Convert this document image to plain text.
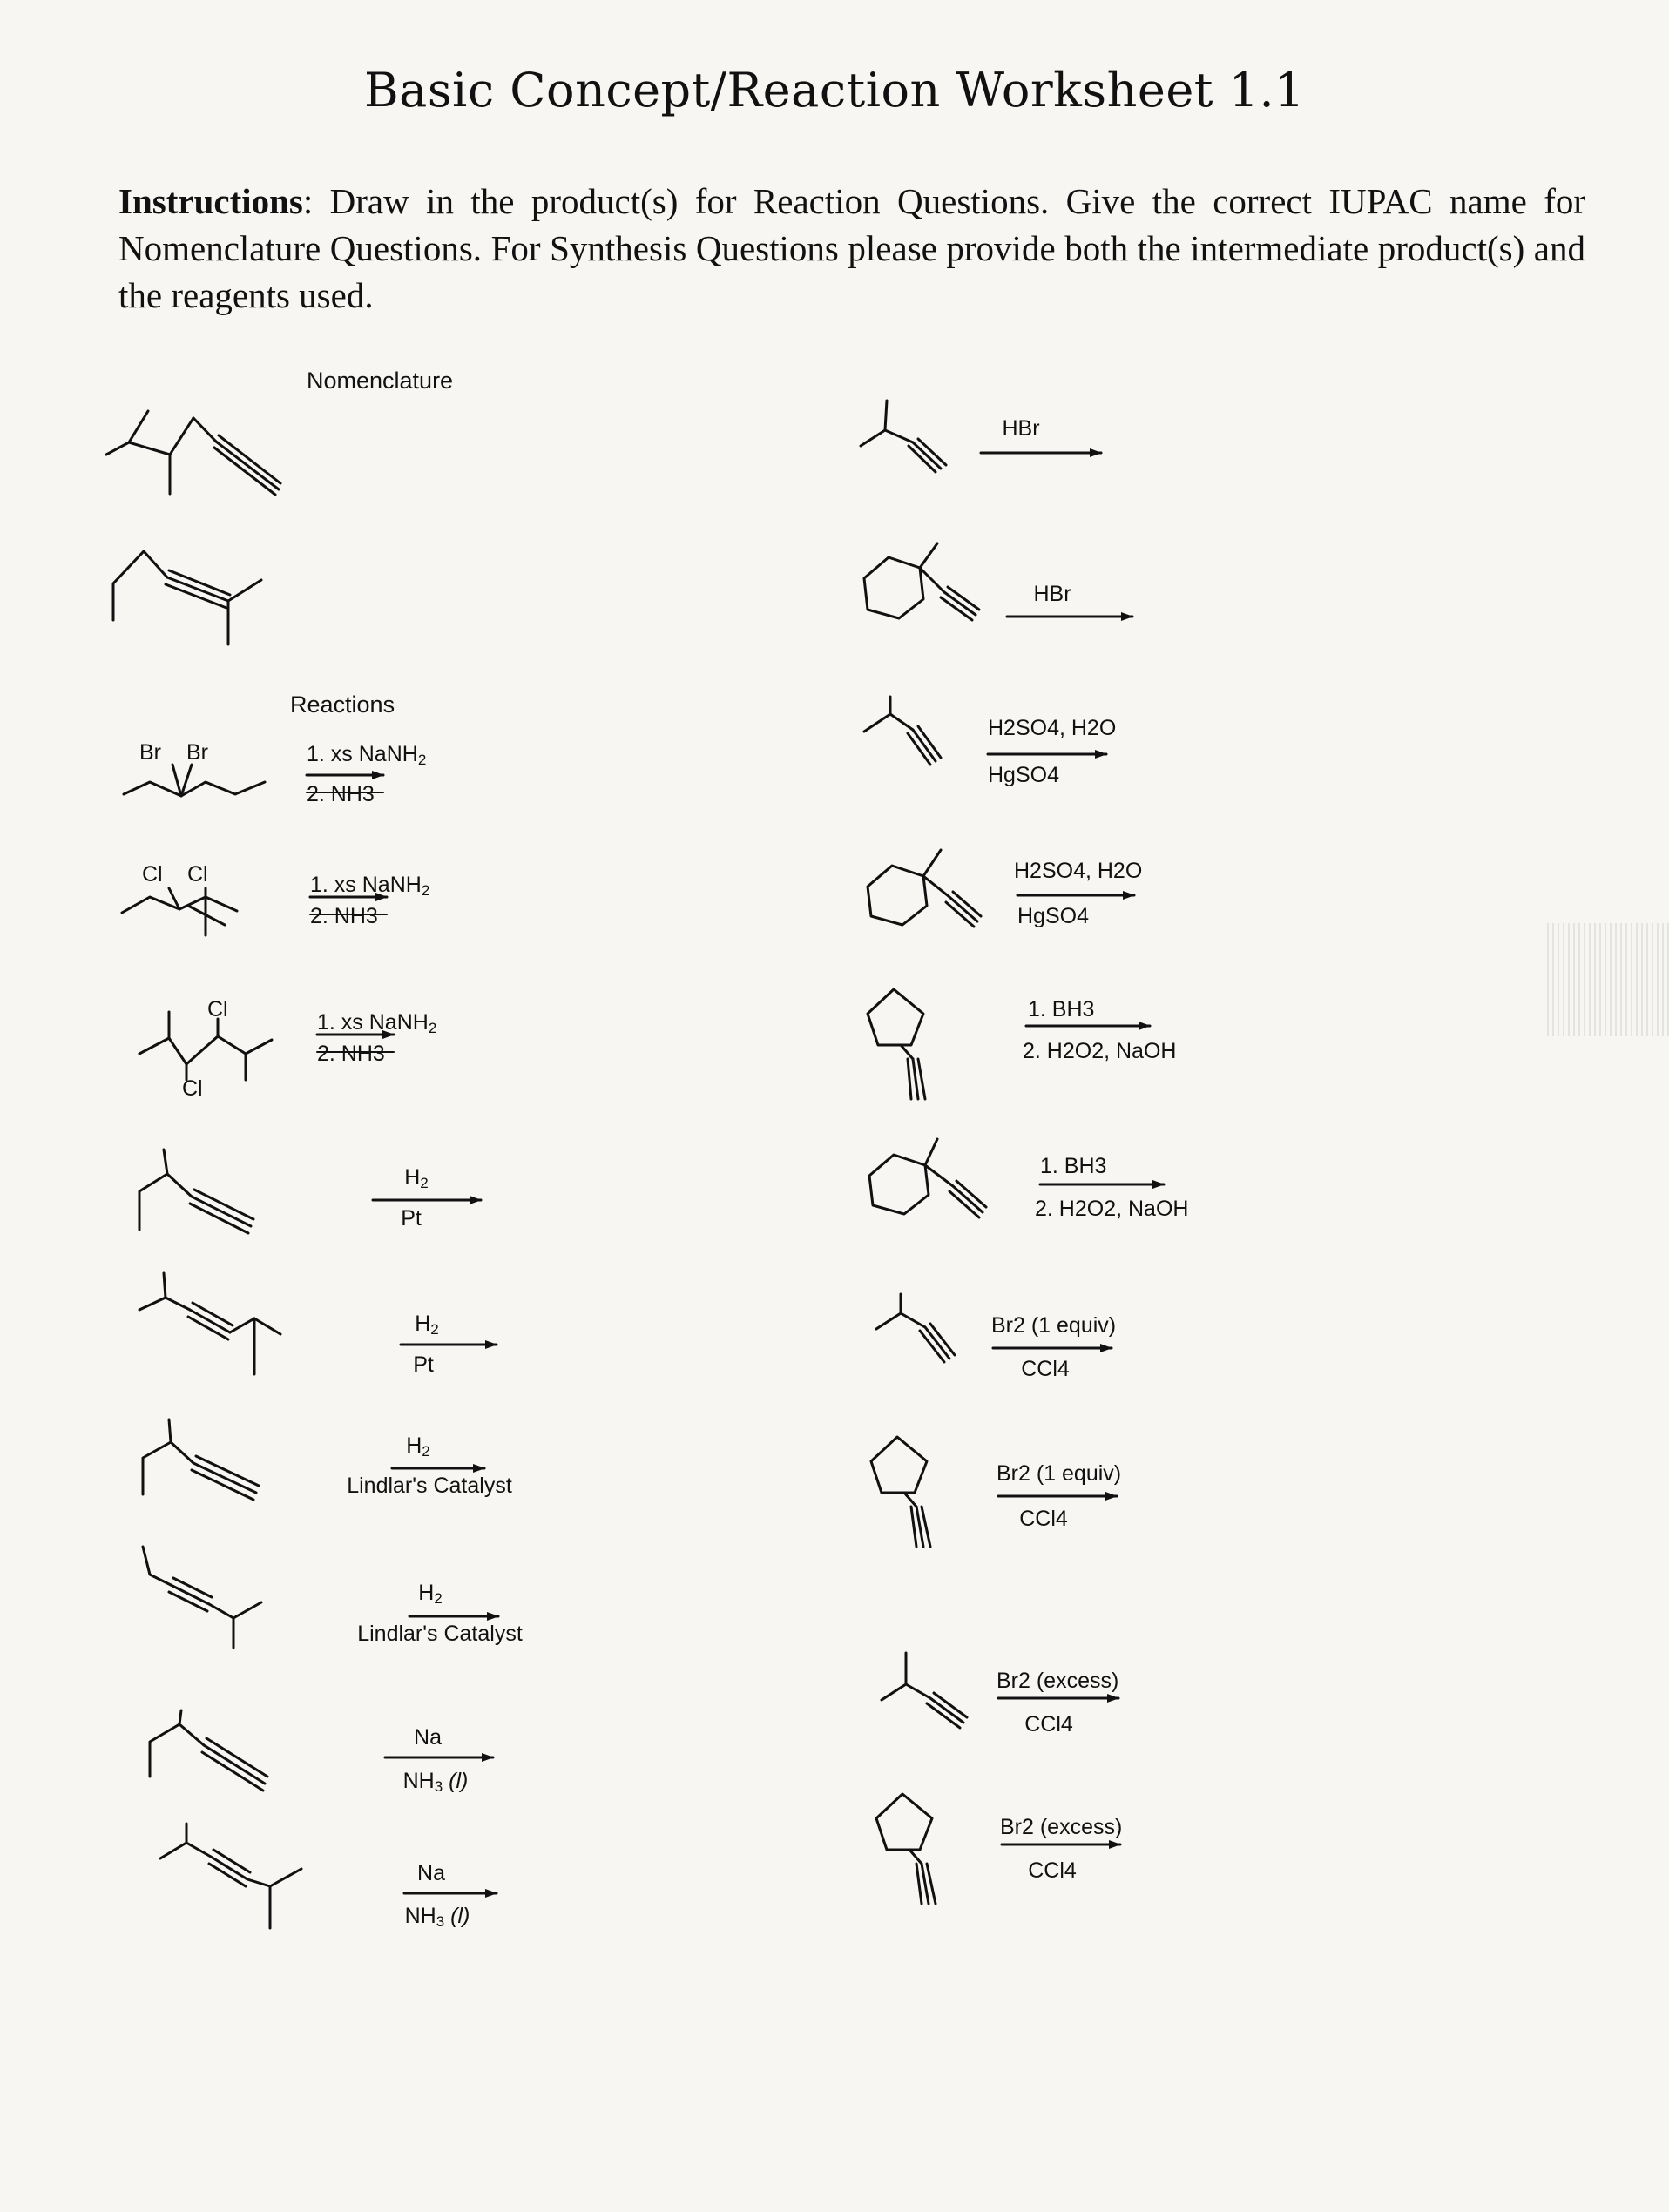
Basic Concept/Reaction Worksheet 1.1
Instructions: Draw in the product(s) for Reaction Questions. Give the correct IUPAC name for Nomenclature Questions. For Synthesis Questions please provide both the intermediate product(s) and the reagents used.
Nomenclature
Reactions
Br Br
Cl Cl
Cl
Cl
1. xs NaNH$_2$
2. NH3
1. xs NaNH$_2$
2. NH3
1. xs NaNH$_2$
2. NH3
$H_2$
Pt
$H_2$
Pt
$H_2$
Lindlar's Catalyst
$H_2$
Lindlar's Catalyst
Na
$NH_3$ (l)
Na
$NH_3$ (l)
HBr
HBr
H2SO4, H2O
HgSO4
H2SO4, H2O
HgSO4
1. BH3
2. H2O2, NaOH
1. BH3
2. H2O2, NaOH
Br2 (1 equiv)
CCl4
Br2 (1 equiv)
CCl4
Br2 (excess)
CCl4
Br2 (excess)
CCl4
